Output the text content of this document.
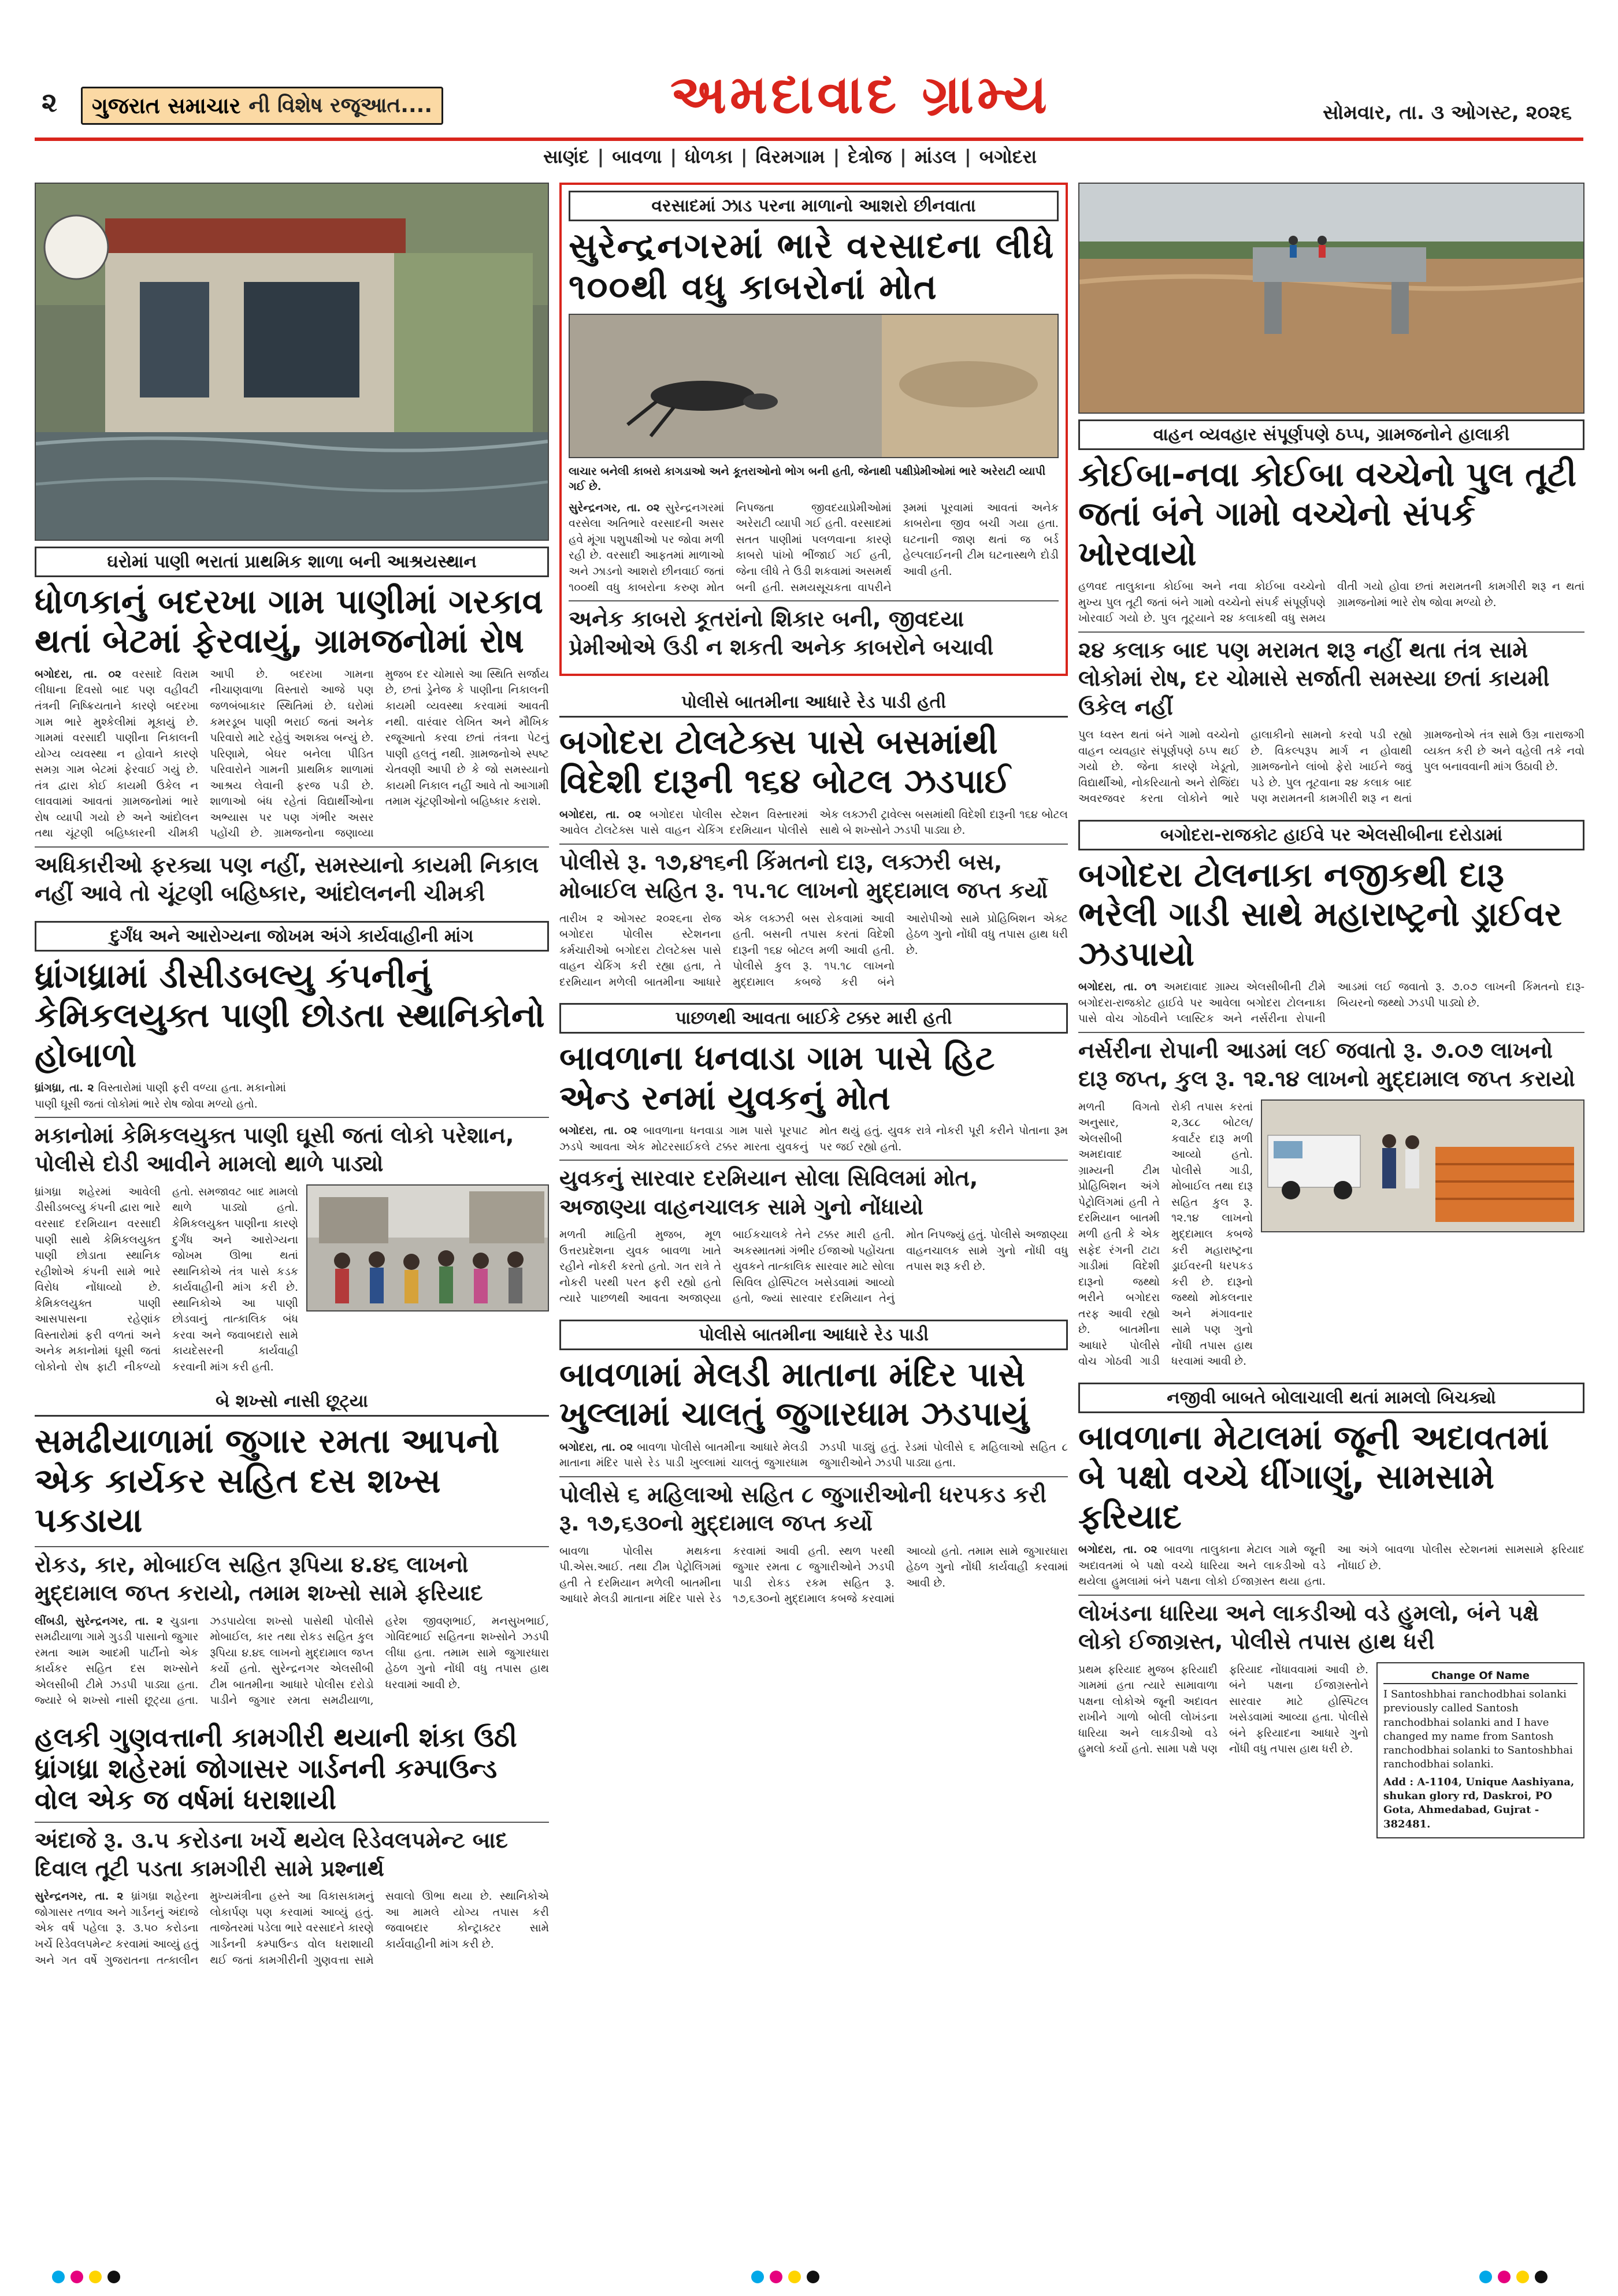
૨ ગુજરાત સમાચાર ની વિશેષ રજૂઆત....	અમદાવાદ ગ્રામ્ય	સોમવાર, તા. ૩ ઓગસ્ટ, ૨૦૨૬
સાણંદ	| બાવળા	| ધોળકા	| વિરમગામ	| દેત્રોજ	| માંડલ	| બગોદરા
ઘરોમાં પાણી ભરાતાં પ્રાથમિક શાળા બની આશ્રયસ્થાન
ધોળકાનું બદરખા ગામ પાણીમાં ગરકાવ થતાં બેટમાં ફેરવાયું, ગ્રામજનોમાં રોષ
બગોદરા, તા. ૦૨ વરસાદે વિરામ લીધાના દિવસો બાદ પણ વહીવટી તંત્રની નિષ્ક્રિયતાને કારણે બદરખા ગામ ભારે મુશ્કેલીમાં મૂકાયું છે. ગામમાં વરસાદી પાણીના નિકાલની યોગ્ય વ્યવસ્થા ન હોવાને કારણે સમગ્ર ગામ બેટમાં ફેરવાઈ ગયું છે. તંત્ર દ્વારા કોઈ કાયમી ઉકેલ ન લાવવામાં આવતાં ગ્રામજનોમાં ભારે રોષ વ્યાપી ગયો છે અને આંદોલન તથા ચૂંટણી બહિષ્કારની ચીમકી આપી છે. બદરખા ગામના નીચાણવાળા વિસ્તારો આજે પણ જળબંબાકાર સ્થિતિમાં છે. ઘરોમાં કમરડૂબ પાણી ભરાઈ જતાં અનેક પરિવારો માટે રહેવું અશક્ય બન્યું છે. પરિણામે, બેઘર બનેલા પીડિત પરિવારોને ગામની પ્રાથમિક શાળામાં આશ્રય લેવાની ફરજ પડી છે. શાળાઓ બંધ રહેતાં વિદ્યાર્થીઓના અભ્યાસ પર પણ ગંભીર અસર પહોંચી છે. ગ્રામજનોના જણાવ્યા મુજબ દર ચોમાસે આ સ્થિતિ સર્જાય છે, છતાં ડ્રેનેજ કે પાણીના નિકાલની કાયમી વ્યવસ્થા કરવામાં આવતી નથી. વારંવાર લેખિત અને મૌખિક રજૂઆતો કરવા છતાં તંત્રના પેટનું પાણી હલતું નથી. ગ્રામજનોએ સ્પષ્ટ ચેતવણી આપી છે કે જો સમસ્યાનો કાયમી નિકાલ નહીં આવે તો આગામી તમામ ચૂંટણીઓનો બહિષ્કાર કરાશે.
અધિકારીઓ ફરક્યા પણ નહીં, સમસ્યાનો કાયમી નિકાલ નહીં આવે તો ચૂંટણી બહિષ્કાર, આંદોલનની ચીમકી
દુર્ગંધ અને આરોગ્યના જોખમ અંગે કાર્યવાહીની માંગ
ધ્રાંગધ્રામાં ડીસીડબલ્યુ કંપનીનું કેમિકલયુક્ત પાણી છોડતા સ્થાનિકોનો હોબાળો
ધ્રાંગધ્રા, તા. ૨ વિસ્તારોમાં પાણી ફરી વળ્યા હતા. મકાનોમાં પાણી ઘૂસી જતાં લોકોમાં ભારે રોષ જોવા મળ્યો હતો.
મકાનોમાં કેમિકલયુક્ત પાણી ઘૂસી જતાં લોકો પરેશાન, પોલીસે દોડી આવીને મામલો થાળે પાડ્યો
ધ્રાંગધ્રા શહેરમાં આવેલી ડીસીડબલ્યુ કંપની દ્વારા ભારે વરસાદ દરમિયાન વરસાદી પાણી સાથે કેમિકલયુક્ત પાણી છોડાતા સ્થાનિક રહીશોએ કંપની સામે ભારે વિરોધ નોંધાવ્યો છે. કેમિકલયુક્ત પાણી આસપાસના રહેણાંક વિસ્તારોમાં ફરી વળતાં અને અનેક મકાનોમાં ઘૂસી જતાં લોકોનો રોષ ફાટી નીકળ્યો હતો. સમજાવટ બાદ મામલો થાળે પાડ્યો હતો. કેમિકલયુક્ત પાણીના કારણે દુર્ગંધ અને આરોગ્યના જોખમ ઊભા થતાં સ્થાનિકોએ તંત્ર પાસે કડક કાર્યવાહીની માંગ કરી છે. સ્થાનિકોએ આ પાણી છોડવાનું તાત્કાલિક બંધ કરવા અને જવાબદારો સામે કાયદેસરની કાર્યવાહી કરવાની માંગ કરી હતી.
બે શખ્સો નાસી છૂટ્યા
સમઢીયાળામાં જુગાર રમતા આપનો એક કાર્યકર સહિત દસ શખ્સ પકડાયા
રોકડ, કાર, મોબાઈલ સહિત રૂપિયા ૪.૪૬ લાખનો મુદ્દામાલ જપ્ત કરાયો, તમામ શખ્સો સામે ફરિયાદ
લીંબડી, સુરેન્દ્રનગર, તા. ૨ ચુડાના સમઢીયાળા ગામે ગુડડી પાસાનો જુગાર રમતા આમ આદમી પાર્ટીનો એક કાર્યકર સહિત દસ શખ્સોને એલસીબી ટીમે ઝડપી પાડ્યા હતા. જ્યારે બે શખ્સો નાસી છૂટ્યા હતા. ઝડપાયેલા શખ્સો પાસેથી પોલીસે મોબાઈલ, કાર તથા રોકડ સહિત કુલ રૂપિયા ૪.૪૬ લાખનો મુદ્દામાલ જપ્ત કર્યો હતો. સુરેન્દ્રનગર એલસીબી ટીમ બાતમીના આધારે પોલીસ દરોડો પાડીને જુગાર રમતા સમઢીયાળા, હરેશ જીવણભાઈ, મનસુખભાઈ, ગોવિંદભાઈ સહિતના શખ્સોને ઝડપી લીધા હતા. તમામ સામે જુગારધારા હેઠળ ગુનો નોંધી વધુ તપાસ હાથ ધરવામાં આવી છે.
હલકી ગુણવત્તાની કામગીરી થયાની શંકા ઉઠી ધ્રાંગધ્રા શહેરમાં જોગાસર ગાર્ડનની કમ્પાઉન્ડ વોલ એક જ વર્ષમાં ધરાશાયી
અંદાજે રૂ. ૩.૫ કરોડના ખર્ચે થયેલ રિડેવલપમેન્ટ બાદ દિવાલ તૂટી પડતા કામગીરી સામે પ્રશ્નાર્થ
સુરેન્દ્રનગર, તા. ૨ ધ્રાંગધ્રા શહેરના જોગાસર તળાવ અને ગાર્ડનનું અંદાજે એક વર્ષ પહેલા રૂ. ૩.૫૦ કરોડના ખર્ચે રિડેવલપમેન્ટ કરવામાં આવ્યું હતું અને ગત વર્ષે ગુજરાતના તત્કાલીન મુખ્યમંત્રીના હસ્તે આ વિકાસકામનું લોકાર્પણ પણ કરવામાં આવ્યું હતું. તાજેતરમાં પડેલા ભારે વરસાદને કારણે ગાર્ડનની કમ્પાઉન્ડ વોલ ધરાશાયી થઈ જતાં કામગીરીની ગુણવત્તા સામે સવાલો ઊભા થયા છે. સ્થાનિકોએ આ મામલે યોગ્ય તપાસ કરી જવાબદાર કોન્ટ્રાક્ટર સામે કાર્યવાહીની માંગ કરી છે.
વરસાદમાં ઝાડ પરના માળાનો આશરો છીનવાતા
સુરેન્દ્રનગરમાં ભારે વરસાદના લીધે ૧૦૦થી વધુ કાબરોનાં મોત
લાચાર બનેલી કાબરો કાગડાઓ અને કૂતરાઓનો ભોગ બની હતી, જેનાથી પક્ષીપ્રેમીઓમાં ભારે અરેરાટી વ્યાપી ગઈ છે.
સુરેન્દ્રનગર, તા. ૦૨ સુરેન્દ્રનગરમાં વરસેલા અતિભારે વરસાદની અસર હવે મૂંગા પશુપક્ષીઓ પર જોવા મળી રહી છે. વરસાદી આફતમાં માળાઓ અને ઝાડનો આશરો છીનવાઈ જતાં ૧૦૦થી વધુ કાબરોના કરુણ મોત નિપજતા જીવદયાપ્રેમીઓમાં અરેરાટી વ્યાપી ગઈ હતી. વરસાદમાં સતત પાણીમાં પલળવાના કારણે કાબરો પાંખો ભીંજાઈ ગઈ હતી, જેના લીધે તે ઉડી શકવામાં અસમર્થ બની હતી. સમયસૂચકતા વાપરીને રૂમમાં પૂરવામાં આવતાં અનેક કાબરોના જીવ બચી ગયા હતા. ઘટનાની જાણ થતાં જ બર્ડ હેલ્પલાઈનની ટીમ ઘટનાસ્થળે દોડી આવી હતી.
અનેક કાબરો કૂતરાંનો શિકાર બની, જીવદયા પ્રેમીઓએ ઉડી ન શકતી અનેક કાબરોને બચાવી
પોલીસે બાતમીના આધારે રેડ પાડી હતી
બગોદરા ટોલટેક્સ પાસે બસમાંથી વિદેશી દારૂની ૧૬૪ બોટલ ઝડપાઈ
બગોદરા, તા. ૦૨ બગોદરા પોલીસ સ્ટેશન વિસ્તારમાં આવેલ ટોલટેક્સ પાસે વાહન ચેકિંગ દરમિયાન પોલીસે એક લક્ઝરી ટ્રાવેલ્સ બસમાંથી વિદેશી દારૂની ૧૬૪ બોટલ સાથે બે શખ્સોને ઝડપી પાડ્યા છે.
પોલીસે રૂ. ૧૭,૪૧૬ની કિંમતનો દારૂ, લક્ઝરી બસ, મોબાઈલ સહિત રૂ. ૧૫.૧૮ લાખનો મુદ્દામાલ જપ્ત કર્યો
તારીખ ૨ ઓગસ્ટ ૨૦૨૬ના રોજ બગોદરા પોલીસ સ્ટેશનના કર્મચારીઓ બગોદરા ટોલટેક્સ પાસે વાહન ચેકિંગ કરી રહ્યા હતા, તે દરમિયાન મળેલી બાતમીના આધારે એક લક્ઝરી બસ રોકવામાં આવી હતી. બસની તપાસ કરતાં વિદેશી દારૂની ૧૬૪ બોટલ મળી આવી હતી. પોલીસે કુલ રૂ. ૧૫.૧૮ લાખનો મુદ્દામાલ કબજે કરી બંને આરોપીઓ સામે પ્રોહિબિશન એક્ટ હેઠળ ગુનો નોંધી વધુ તપાસ હાથ ધરી છે.
પાછળથી આવતા બાઈકે ટક્કર મારી હતી
બાવળાના ધનવાડા ગામ પાસે હિટ એન્ડ રનમાં યુવકનું મોત
બગોદરા, તા. ૦૨ બાવળાના ધનવાડા ગામ પાસે પૂરપાટ ઝડપે આવતા એક મોટરસાઈકલે ટક્કર મારતા યુવકનું મોત થયું હતું. યુવક રાત્રે નોકરી પૂરી કરીને પોતાના રૂમ પર જઈ રહ્યો હતો.
યુવકનું સારવાર દરમિયાન સોલા સિવિલમાં મોત, અજાણ્યા વાહનચાલક સામે ગુનો નોંધાયો
મળતી માહિતી મુજબ, મૂળ ઉત્તરપ્રદેશના યુવક બાવળા ખાતે રહીને નોકરી કરતો હતો. ગત રાત્રે તે નોકરી પરથી પરત ફરી રહ્યો હતો ત્યારે પાછળથી આવતા અજાણ્યા બાઈકચાલકે તેને ટક્કર મારી હતી. અકસ્માતમાં ગંભીર ઈજાઓ પહોંચતા યુવકને તાત્કાલિક સારવાર માટે સોલા સિવિલ હોસ્પિટલ ખસેડવામાં આવ્યો હતો, જ્યાં સારવાર દરમિયાન તેનું મોત નિપજ્યું હતું. પોલીસે અજાણ્યા વાહનચાલક સામે ગુનો નોંધી વધુ તપાસ શરૂ કરી છે.
પોલીસે બાતમીના આધારે રેડ પાડી
બાવળામાં મેલડી માતાના મંદિર પાસે ખુલ્લામાં ચાલતું જુગારધામ ઝડપાયું
બગોદરા, તા. ૦૨ બાવળા પોલીસે બાતમીના આધારે મેલડી માતાના મંદિર પાસે રેડ પાડી ખુલ્લામાં ચાલતું જુગારધામ ઝડપી પાડ્યું હતું. રેડમાં પોલીસે ૬ મહિલાઓ સહિત ૮ જુગારીઓને ઝડપી પાડ્યા હતા.
પોલીસે ૬ મહિલાઓ સહિત ૮ જુગારીઓની ધરપકડ કરી રૂ. ૧૭,૬૩૦નો મુદ્દામાલ જપ્ત કર્યો
બાવળા પોલીસ મથકના પી.એસ.આઈ. તથા ટીમ પેટ્રોલિંગમાં હતી તે દરમિયાન મળેલી બાતમીના આધારે મેલડી માતાના મંદિર પાસે રેડ કરવામાં આવી હતી. સ્થળ પરથી જુગાર રમતા ૮ જુગારીઓને ઝડપી પાડી રોકડ રકમ સહિત રૂ. ૧૭,૬૩૦નો મુદ્દામાલ કબજે કરવામાં આવ્યો હતો. તમામ સામે જુગારધારા હેઠળ ગુનો નોંધી કાર્યવાહી કરવામાં આવી છે.
વાહન વ્યવહાર સંપૂર્ણપણે ઠપ્પ, ગ્રામજનોને હાલાકી
કોઈબા-નવા કોઈબા વચ્ચેનો પુલ તૂટી જતાં બંને ગામો વચ્ચેનો સંપર્ક ખોરવાયો
હળવદ તાલુકાના કોઈબા અને નવા કોઈબા વચ્ચેનો મુખ્ય પુલ તૂટી જતાં બંને ગામો વચ્ચેનો સંપર્ક સંપૂર્ણપણે ખોરવાઈ ગયો છે. પુલ તૂટ્યાને ૨૪ કલાકથી વધુ સમય વીતી ગયો હોવા છતાં મરામતની કામગીરી શરૂ ન થતાં ગ્રામજનોમાં ભારે રોષ જોવા મળ્યો છે.
૨૪ કલાક બાદ પણ મરામત શરૂ નહીં થતા તંત્ર સામે લોકોમાં રોષ, દર ચોમાસે સર્જાતી સમસ્યા છતાં કાયમી ઉકેલ નહીં
પુલ ધ્વસ્ત થતાં બંને ગામો વચ્ચેનો વાહન વ્યવહાર સંપૂર્ણપણે ઠપ્પ થઈ ગયો છે. જેના કારણે ખેડૂતો, વિદ્યાર્થીઓ, નોકરિયાતો અને રોજિંદા અવરજવર કરતા લોકોને ભારે હાલાકીનો સામનો કરવો પડી રહ્યો છે. વિકલ્પરૂપ માર્ગ ન હોવાથી ગ્રામજનોને લાંબો ફેરો ખાઈને જવું પડે છે. પુલ તૂટવાના ૨૪ કલાક બાદ પણ મરામતની કામગીરી શરૂ ન થતાં ગ્રામજનોએ તંત્ર સામે ઉગ્ર નારાજગી વ્યક્ત કરી છે અને વહેલી તકે નવો પુલ બનાવવાની માંગ ઉઠાવી છે.
બગોદરા-રાજકોટ હાઈવે પર એલસીબીના દરોડામાં
બગોદરા ટોલનાકા નજીકથી દારૂ ભરેલી ગાડી સાથે મહારાષ્ટ્રનો ડ્રાઈવર ઝડપાયો
બગોદરા, તા. ૦૧ અમદાવાદ ગ્રામ્ય એલસીબીની ટીમે બગોદરા-રાજકોટ હાઈવે પર આવેલા બગોદરા ટોલનાકા પાસે વોચ ગોઠવીને પ્લાસ્ટિક અને નર્સરીના રોપાની આડમાં લઈ જવાતો રૂ. ૭.૦૭ લાખની કિંમતનો દારૂ-બિયરનો જથ્થો ઝડપી પાડ્યો છે.
નર્સરીના રોપાની આડમાં લઈ જવાતો રૂ. ૭.૦૭ લાખનો દારૂ જપ્ત, કુલ રૂ. ૧૨.૧૪ લાખનો મુદ્દામાલ જપ્ત કરાયો
મળતી વિગતો અનુસાર, એલસીબી અમદાવાદ ગ્રામ્યની ટીમ પ્રોહિબિશન અંગે પેટ્રોલિંગમાં હતી તે દરમિયાન બાતમી મળી હતી કે એક સફેદ રંગની ટાટા ગાડીમાં વિદેશી દારૂનો જથ્થો ભરીને બગોદરા તરફ આવી રહ્યો છે. બાતમીના આધારે પોલીસે વોચ ગોઠવી ગાડી રોકી તપાસ કરતાં ૨,૩૮૮ બોટલ/કવાર્ટર દારૂ મળી આવ્યો હતો. પોલીસે ગાડી, મોબાઈલ તથા દારૂ સહિત કુલ રૂ. ૧૨.૧૪ લાખનો મુદ્દામાલ કબજે કરી મહારાષ્ટ્રના ડ્રાઈવરની ધરપકડ કરી છે. દારૂનો જથ્થો મોકલનાર અને મંગાવનાર સામે પણ ગુનો નોંધી તપાસ હાથ ધરવામાં આવી છે.
નજીવી બાબતે બોલાચાલી થતાં મામલો બિચક્યો
બાવળાના મેટાલમાં જૂની અદાવતમાં બે પક્ષો વચ્ચે ધીંગાણું, સામસામે ફરિયાદ
બગોદરા, તા. ૦૨ બાવળા તાલુકાના મેટાલ ગામે જૂની અદાવતમાં બે પક્ષો વચ્ચે ધારિયા અને લાકડીઓ વડે થયેલા હુમલામાં બંને પક્ષના લોકો ઈજાગ્રસ્ત થયા હતા. આ અંગે બાવળા પોલીસ સ્ટેશનમાં સામસામે ફરિયાદ નોંધાઈ છે.
લોખંડના ધારિયા અને લાકડીઓ વડે હુમલો, બંને પક્ષે લોકો ઈજાગ્રસ્ત, પોલીસે તપાસ હાથ ધરી
Change Of Name
I Santoshbhai ranchodbhai solanki previously called Santosh ranchodbhai solanki and I have changed my name from Santosh ranchodbhai solanki to Santoshbhai ranchodbhai solanki.
Add : A-1104, Unique Aashiyana, shukan glory rd, Daskroi, PO Gota, Ahmedabad, Gujrat - 382481.
પ્રથમ ફરિયાદ મુજબ ફરિયાદી ગામમાં હતા ત્યારે સામાવાળા પક્ષના લોકોએ જૂની અદાવત રાખીને ગાળો બોલી લોખંડના ધારિયા અને લાકડીઓ વડે હુમલો કર્યો હતો. સામા પક્ષે પણ ફરિયાદ નોંધાવવામાં આવી છે. બંને પક્ષના ઈજાગ્રસ્તોને સારવાર માટે હોસ્પિટલ ખસેડવામાં આવ્યા હતા. પોલીસે બંને ફરિયાદના આધારે ગુનો નોંધી વધુ તપાસ હાથ ધરી છે.
